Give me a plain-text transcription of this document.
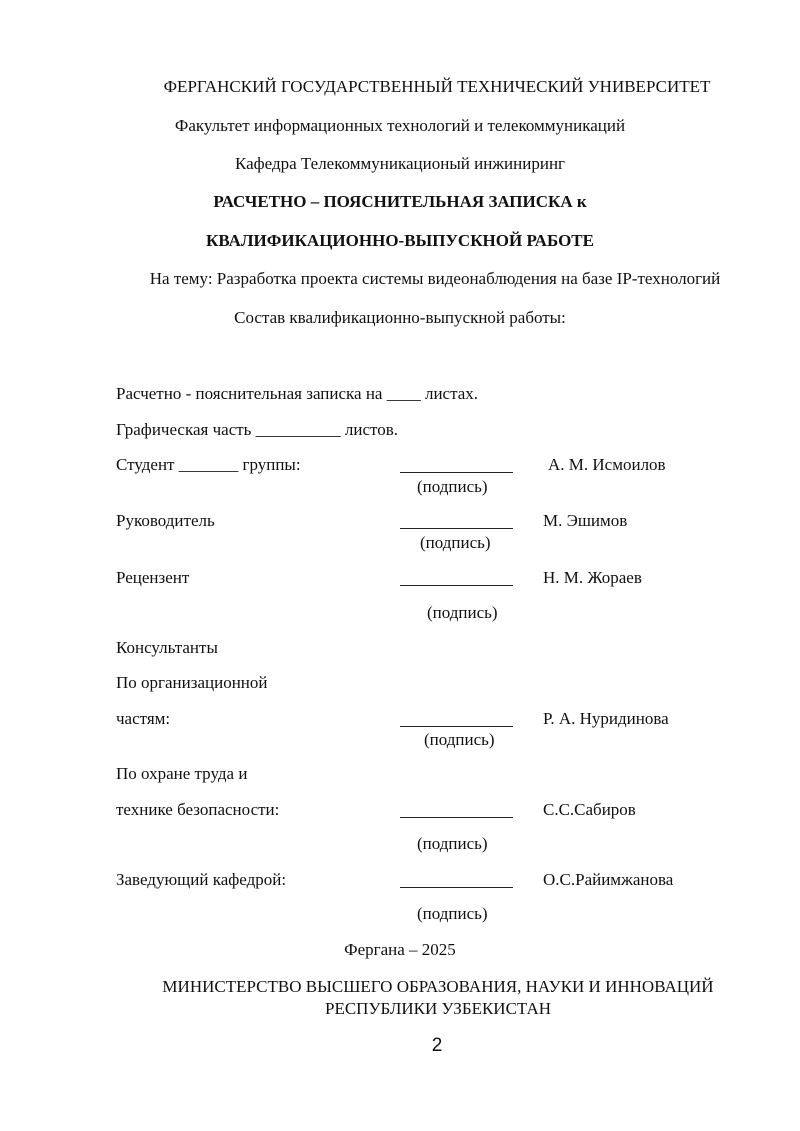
ФЕРГАНСКИЙ ГОСУДАРСТВЕННЫЙ ТЕХНИЧЕСКИЙ УНИВЕРСИТЕТ
Факультет информационных технологий и телекоммуникаций
Кафедра Телекоммуникационый инжиниринг
РАСЧЕТНО – ПОЯСНИТЕЛЬНАЯ ЗАПИСКА к
КВАЛИФИКАЦИОННО-ВЫПУСКНОЙ РАБОТЕ
На тему: Разработка проекта системы видеонаблюдения на базе IP-технологий
Состав квалификационно-выпускной работы:
Расчетно - пояснительная записка на ____ листах.
Графическая часть __________ листов.
Студент _______ группы:	А. М. Исмоилов
(подпись)
Руководитель	М. Эшимов
(подпись)
Рецензент	Н. М. Жораев
(подпись)
Консультанты
По организационной
частям:	Р. А. Нуридинова
(подпись)
По охране труда и
технике безопасности:	С.С.Сабиров
(подпись)
Заведующий кафедрой:	О.С.Райимжанова
(подпись)
Фергана – 2025
МИНИСТЕРСТВО ВЫСШЕГО ОБРАЗОВАНИЯ, НАУКИ И ИННОВАЦИЙ
РЕСПУБЛИКИ УЗБЕКИСТАН
2
